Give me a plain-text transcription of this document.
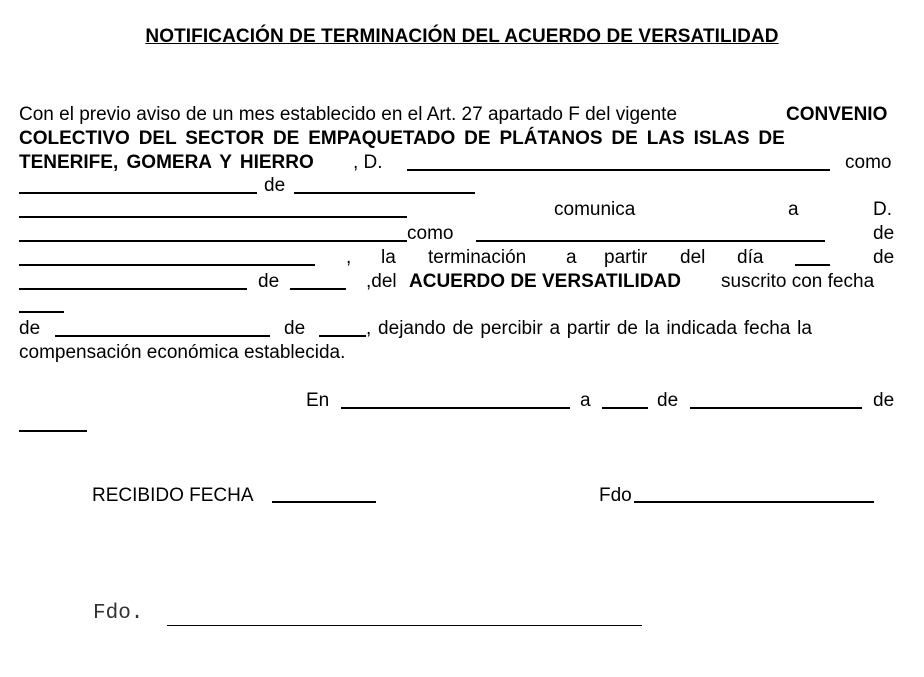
NOTIFICACIÓN DE TERMINACIÓN DEL ACUERDO DE VERSATILIDAD
Con el previo aviso de un mes establecido en el Art. 27 apartado F del vigente	CONVENIO
COLECTIVO DEL SECTOR DE EMPAQUETADO DE PLÁTANOS DE LAS ISLAS DE
TENERIFE, GOMERA Y HIERRO , D.	como
de
comunica	a	D.
como	de
, la terminación a partir del día	de
de	,del ACUERDO DE VERSATILIDAD suscrito con fecha
de	de	, dejando de percibir a partir de la indicada fecha la
compensación económica establecida.
En	a	de	de
RECIBIDO FECHA	Fdo
Fdo.
